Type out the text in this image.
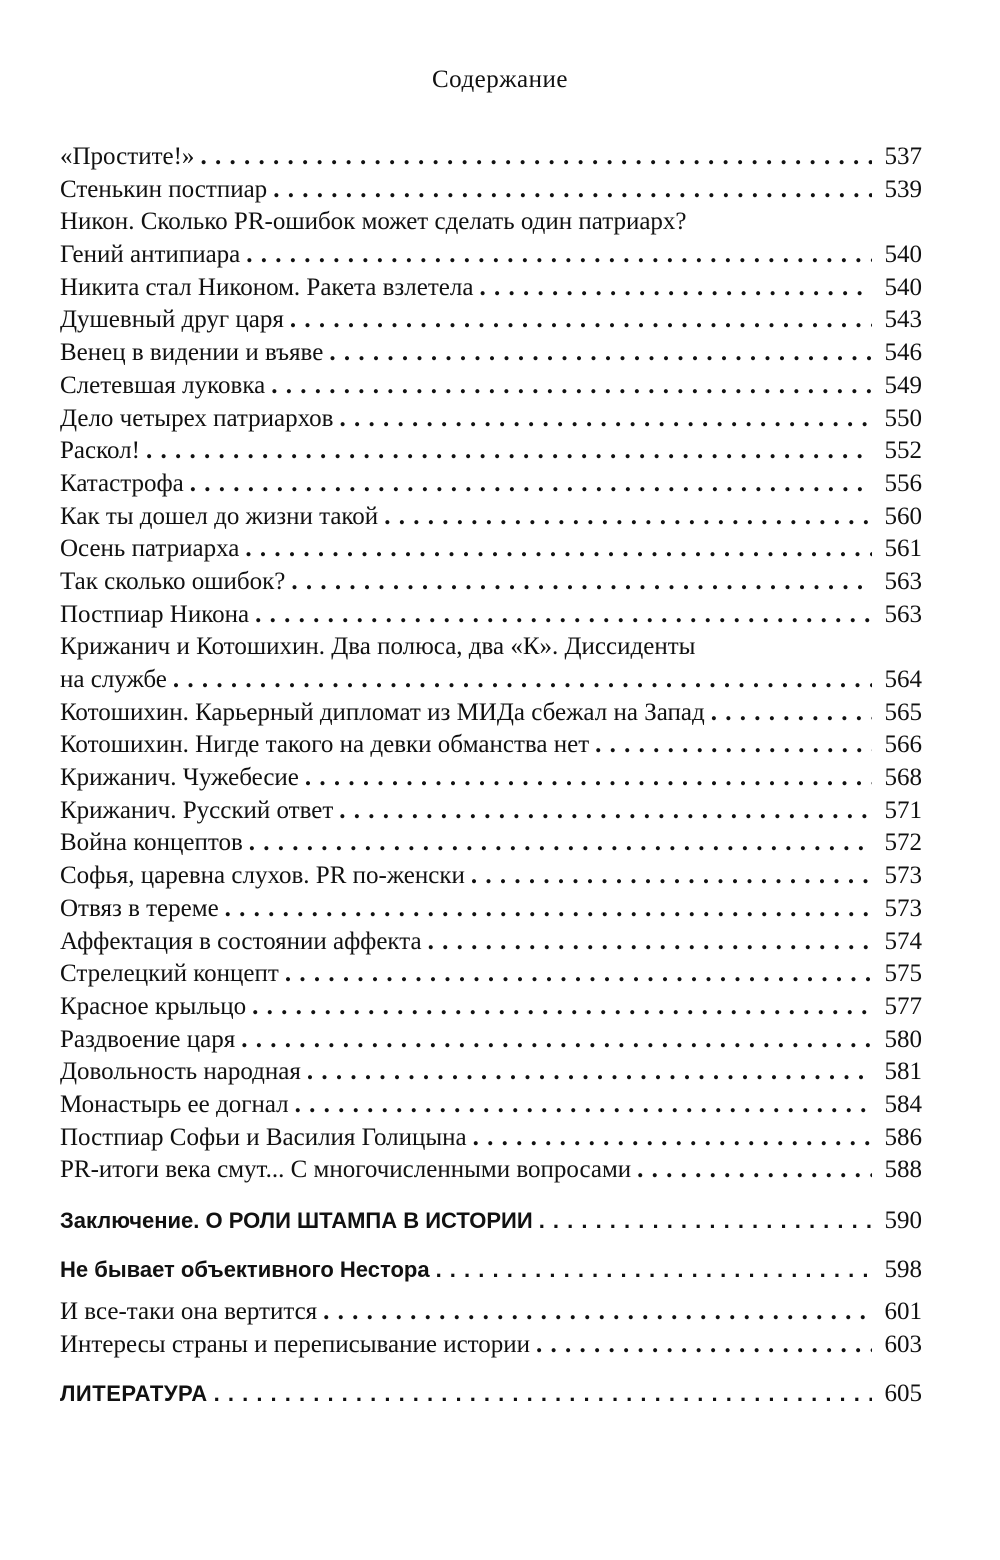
Содержание
«Простите!» . . .	537
Стенькин постпиар . . .	539
Никон. Сколько PR-ошибок может сделать один патриарх?
Гений антипиара . . .	540
Никита стал Никоном. Ракета взлетела . . .	540
Душевный друг царя . . .	543
Венец в видении и въяве . . .	546
Слетевшая луковка . . .	549
Дело четырех патриархов . . .	550
Раскол! . . .	552
Катастрофа . . .	556
Как ты дошел до жизни такой . . .	560
Осень патриарха . . .	561
Так сколько ошибок? . . .	563
Постпиар Никона . . .	563
Крижанич и Котошихин. Два полюса, два «К». Диссиденты
на службе . . .	564
Котошихин. Карьерный дипломат из МИДа сбежал на Запад . . .	565
Котошихин. Нигде такого на девки обманства нет . . .	566
Крижанич. Чужебесие . . .	568
Крижанич. Русский ответ . . .	571
Война концептов . . .	572
Софья, царевна слухов. PR по-женски . . .	573
Отвяз в тереме . . .	573
Аффектация в состоянии аффекта . . .	574
Стрелецкий концепт . . .	575
Красное крыльцо . . .	577
Раздвоение царя . . .	580
Довольность народная . . .	581
Монастырь ее догнал . . .	584
Постпиар Софьи и Василия Голицына . . .	586
PR-итоги века смут... С многочисленными вопросами . . .	588
Заключение. О РОЛИ ШТАМПА В ИСТОРИИ . . .	590
Не бывает объективного Нестора . . .	598
И все-таки она вертится . . .	601
Интересы страны и переписывание истории . . .	603
ЛИТЕРАТУРА . . .	605
